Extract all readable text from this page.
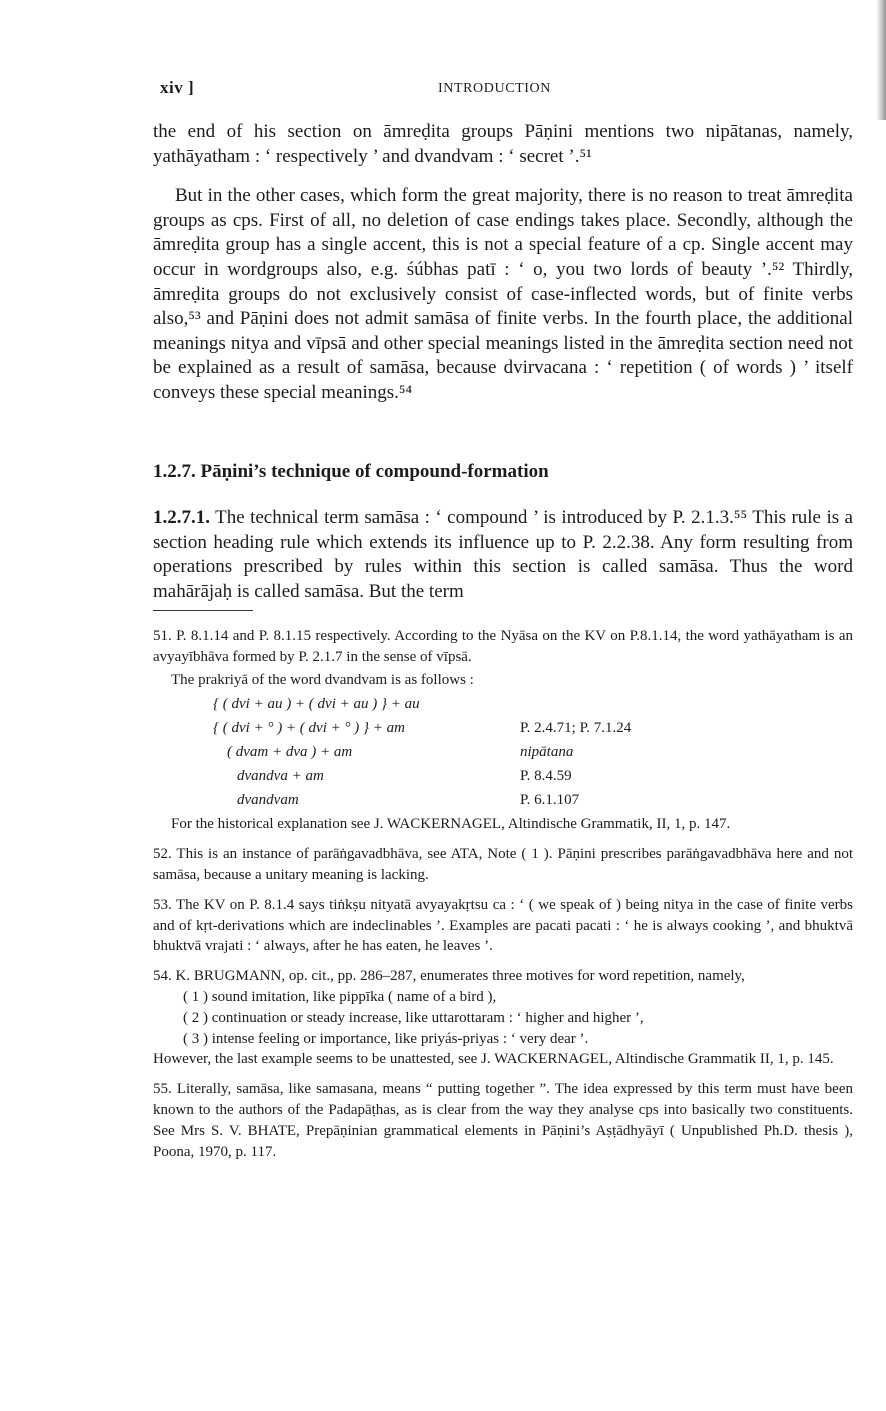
xiv ]	INTRODUCTION

the end of his section on āmreḍita groups Pāṇini mentions two nipātanas, namely, yathāyatham : ‘ respectively ’ and dvandvam : ‘ secret ’.⁵¹

But in the other cases, which form the great majority, there is no reason to treat āmreḍita groups as cps. First of all, no deletion of case endings takes place. Secondly, although the āmreḍita group has a single accent, this is not a special feature of a cp. Single accent may occur in wordgroups also, e.g. śúbhas patī : ‘ o, you two lords of beauty ’.⁵² Thirdly, āmreḍita groups do not exclusively consist of case-inflected words, but of finite verbs also,⁵³ and Pāṇini does not admit samāsa of finite verbs. In the fourth place, the additional meanings nitya and vīpsā and other special meanings listed in the āmreḍita section need not be explained as a result of samāsa, because dvirvacana : ‘ repetition ( of words ) ’ itself conveys these special meanings.⁵⁴

1.2.7. Pāṇini’s technique of compound-formation

1.2.7.1. The technical term samāsa : ‘ compound ’ is introduced by P. 2.1.3.⁵⁵ This rule is a section heading rule which extends its influence up to P. 2.2.38. Any form resulting from operations prescribed by rules within this section is called samāsa. Thus the word mahārājaḥ is called samāsa. But the term

51. P. 8.1.14 and P. 8.1.15 respectively. According to the Nyāsa on the KV on P.8.1.14, the word yathāyatham is an avyayībhāva formed by P. 2.1.7 in the sense of vīpsā.

The prakriyā of the word dvandvam is as follows :

{ ( dvi + au ) + ( dvi + au ) } + au
{ ( dvi + ° ) + ( dvi + ° ) } + am	P. 2.4.71; P. 7.1.24
( dvam + dva ) + am	nipātana
dvandva + am	P. 8.4.59
dvandvam	P. 6.1.107

For the historical explanation see J. WACKERNAGEL, Altindische Grammatik, II, 1, p. 147.

52. This is an instance of parāṅgavadbhāva, see ATA, Note ( 1 ). Pāṇini prescribes parāṅgavadbhāva here and not samāsa, because a unitary meaning is lacking.

53. The KV on P. 8.1.4 says tiṅkṣu nityatā avyayakṛtsu ca : ‘ ( we speak of ) being nitya in the case of finite verbs and of kṛt-derivations which are indeclinables ’. Examples are pacati pacati : ‘ he is always cooking ’, and bhuktvā bhuktvā vrajati : ‘ always, after he has eaten, he leaves ’.

54. K. BRUGMANN, op. cit., pp. 286–287, enumerates three motives for word repetition, namely,

( 1 ) sound imitation, like pippīka ( name of a bird ),

( 2 ) continuation or steady increase, like uttarottaram : ‘ higher and higher ’,

( 3 ) intense feeling or importance, like priyás-priyas : ‘ very dear ’.

However, the last example seems to be unattested, see J. WACKERNAGEL, Altindische Grammatik II, 1, p. 145.

55. Literally, samāsa, like samasana, means “ putting together ”. The idea expressed by this term must have been known to the authors of the Padapāṭhas, as is clear from the way they analyse cps into basically two constituents. See Mrs S. V. BHATE, Prepāṇinian grammatical elements in Pāṇini’s Aṣṭādhyāyī ( Unpublished Ph.D. thesis ), Poona, 1970, p. 117.
